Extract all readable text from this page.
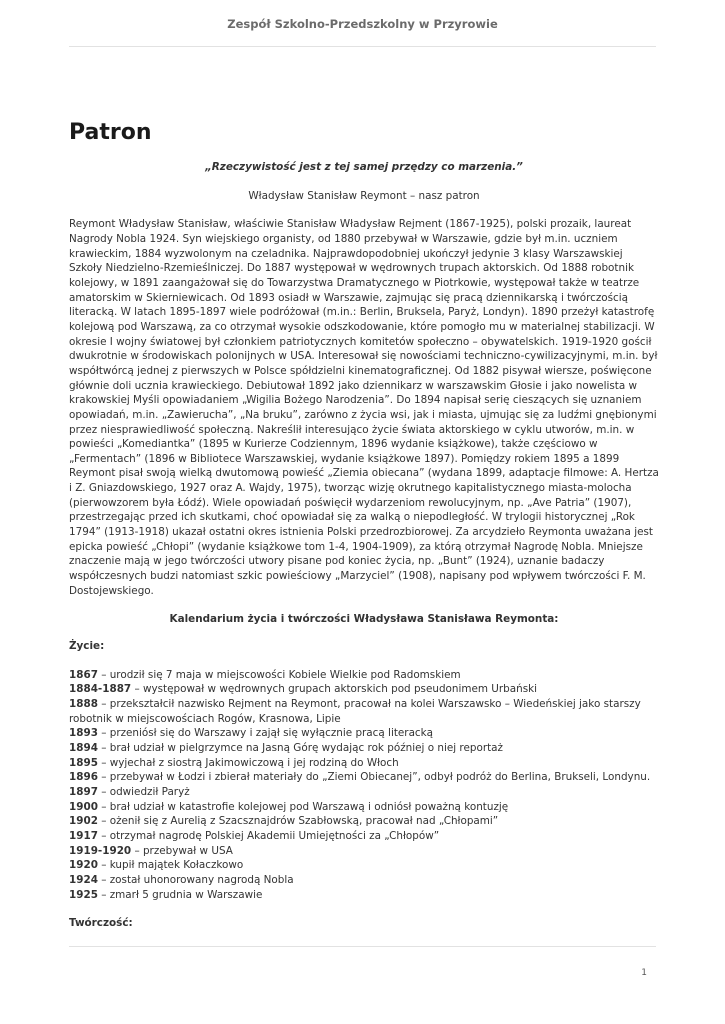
Zespół Szkolno-Przedszkolny w Przyrowie
Patron

„Rzeczywistość jest z tej samej przędzy co marzenia.”

Władysław Stanisław Reymont – nasz patron

Reymont Władysław Stanisław, właściwie Stanisław Władysław Rejment (1867-1925), polski prozaik, laureat Nagrody Nobla 1924. Syn wiejskiego organisty, od 1880 przebywał w Warszawie, gdzie był m.in. uczniem krawieckim, 1884 wyzwolonym na czeladnika. Najprawdopodobniej ukończył jedynie 3 klasy Warszawskiej Szkoły Niedzielno-Rzemieślniczej. Do 1887 występował w wędrownych trupach aktorskich. Od 1888 robotnik kolejowy, w 1891 zaangażował się do Towarzystwa Dramatycznego w Piotrkowie, występował także w teatrze amatorskim w Skierniewicach. Od 1893 osiadł w Warszawie, zajmując się pracą dziennikarską i twórczością literacką. W latach 1895-1897 wiele podróżował (m.in.: Berlin, Bruksela, Paryż, Londyn). 1890 przeżył katastrofę kolejową pod Warszawą, za co otrzymał wysokie odszkodowanie, które pomogło mu w materialnej stabilizacji. W okresie I wojny światowej był członkiem patriotycznych komitetów społeczno – obywatelskich. 1919-1920 gościł dwukrotnie w środowiskach polonijnych w USA. Interesował się nowościami techniczno-cywilizacyjnymi, m.in. był współtwórcą jednej z pierwszych w Polsce spółdzielni kinematograficznej. Od 1882 pisywał wiersze, poświęcone głównie doli ucznia krawieckiego. Debiutował 1892 jako dziennikarz w warszawskim Głosie i jako nowelista w krakowskiej Myśli opowiadaniem „Wigilia Bożego Narodzenia”. Do 1894 napisał serię cieszących się uznaniem opowiadań, m.in. „Zawierucha”, „Na bruku”, zarówno z życia wsi, jak i miasta, ujmując się za ludźmi gnębionymi przez niesprawiedliwość społeczną. Nakreślił interesująco życie świata aktorskiego w cyklu utworów, m.in. w powieści „Komediantka” (1895 w Kurierze Codziennym, 1896 wydanie książkowe), także częściowo w „Fermentach” (1896 w Bibliotece Warszawskiej, wydanie książkowe 1897). Pomiędzy rokiem 1895 a 1899 Reymont pisał swoją wielką dwutomową powieść „Ziemia obiecana” (wydana 1899, adaptacje filmowe: A. Hertza i Z. Gniazdowskiego, 1927 oraz A. Wajdy, 1975), tworząc wizję okrutnego kapitalistycznego miasta-molocha (pierwowzorem była Łódź). Wiele opowiadań poświęcił wydarzeniom rewolucyjnym, np. „Ave Patria” (1907), przestrzegając przed ich skutkami, choć opowiadał się za walką o niepodległość. W trylogii historycznej „Rok 1794” (1913-1918) ukazał ostatni okres istnienia Polski przedrozbiorowej. Za arcydzieło Reymonta uważana jest epicka powieść „Chłopi” (wydanie książkowe tom 1-4, 1904-1909), za którą otrzymał Nagrodę Nobla. Mniejsze znaczenie mają w jego twórczości utwory pisane pod koniec życia, np. „Bunt” (1924), uznanie badaczy współczesnych budzi natomiast szkic powieściowy „Marzyciel” (1908), napisany pod wpływem twórczości F. M. Dostojewskiego.

Kalendarium życia i twórczości Władysława Stanisława Reymonta:

Życie:

1867 – urodził się 7 maja w miejscowości Kobiele Wielkie pod Radomskiem
1884-1887 – występował w wędrownych grupach aktorskich pod pseudonimem Urbański
1888 – przekształcił nazwisko Rejment na Reymont, pracował na kolei Warszawsko – Wiedeńskiej jako starszy robotnik w miejscowościach Rogów, Krasnowa, Lipie
1893 – przeniósł się do Warszawy i zajął się wyłącznie pracą literacką
1894 – brał udział w pielgrzymce na Jasną Górę wydając rok później o niej reportaż
1895 – wyjechał z siostrą Jakimowiczową i jej rodziną do Włoch
1896 – przebywał w Łodzi i zbierał materiały do „Ziemi Obiecanej”, odbył podróż do Berlina, Brukseli, Londynu.
1897 – odwiedził Paryż
1900 – brał udział w katastrofie kolejowej pod Warszawą i odniósł poważną kontuzję
1902 – ożenił się z Aurelią z Szacsznajdrów Szabłowską, pracował nad „Chłopami”
1917 – otrzymał nagrodę Polskiej Akademii Umiejętności za „Chłopów”
1919-1920 – przebywał w USA
1920 – kupił majątek Kołaczkowo
1924 – został uhonorowany nagrodą Nobla
1925 – zmarł 5 grudnia w Warszawie

Twórczość:

1
